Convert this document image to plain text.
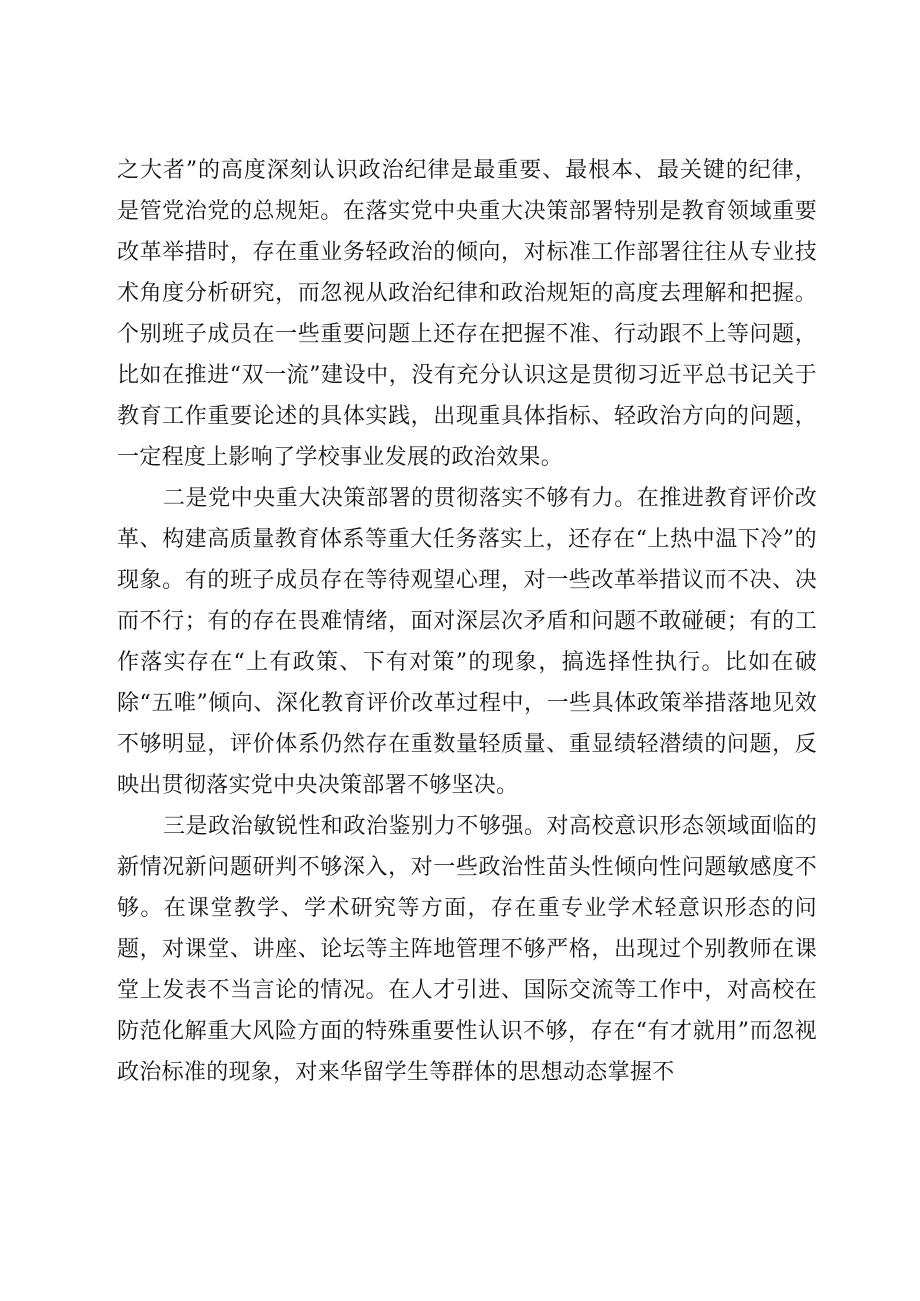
之大者”的高度深刻认识政治纪律是最重要、最根本、最关键的纪律，是管党治党的总规矩。在落实党中央重大决策部署特别是教育领域重要改革举措时，存在重业务轻政治的倾向，对标准工作部署往往从专业技术角度分析研究，而忽视从政治纪律和政治规矩的高度去理解和把握。个别班子成员在一些重要问题上还存在把握不准、行动跟不上等问题，比如在推进“双一流”建设中，没有充分认识这是贯彻习近平总书记关于教育工作重要论述的具体实践，出现重具体指标、轻政治方向的问题，一定程度上影响了学校事业发展的政治效果。

二是党中央重大决策部署的贯彻落实不够有力。在推进教育评价改革、构建高质量教育体系等重大任务落实上，还存在“上热中温下冷”的现象。有的班子成员存在等待观望心理，对一些改革举措议而不决、决而不行；有的存在畏难情绪，面对深层次矛盾和问题不敢碰硬；有的工作落实存在“上有政策、下有对策”的现象，搞选择性执行。比如在破除“五唯”倾向、深化教育评价改革过程中，一些具体政策举措落地见效不够明显，评价体系仍然存在重数量轻质量、重显绩轻潜绩的问题，反映出贯彻落实党中央决策部署不够坚决。

三是政治敏锐性和政治鉴别力不够强。对高校意识形态领域面临的新情况新问题研判不够深入，对一些政治性苗头性倾向性问题敏感度不够。在课堂教学、学术研究等方面，存在重专业学术轻意识形态的问题，对课堂、讲座、论坛等主阵地管理不够严格，出现过个别教师在课堂上发表不当言论的情况。在人才引进、国际交流等工作中，对高校在防范化解重大风险方面的特殊重要性认识不够，存在“有才就用”而忽视政治标准的现象，对来华留学生等群体的思想动态掌握不
